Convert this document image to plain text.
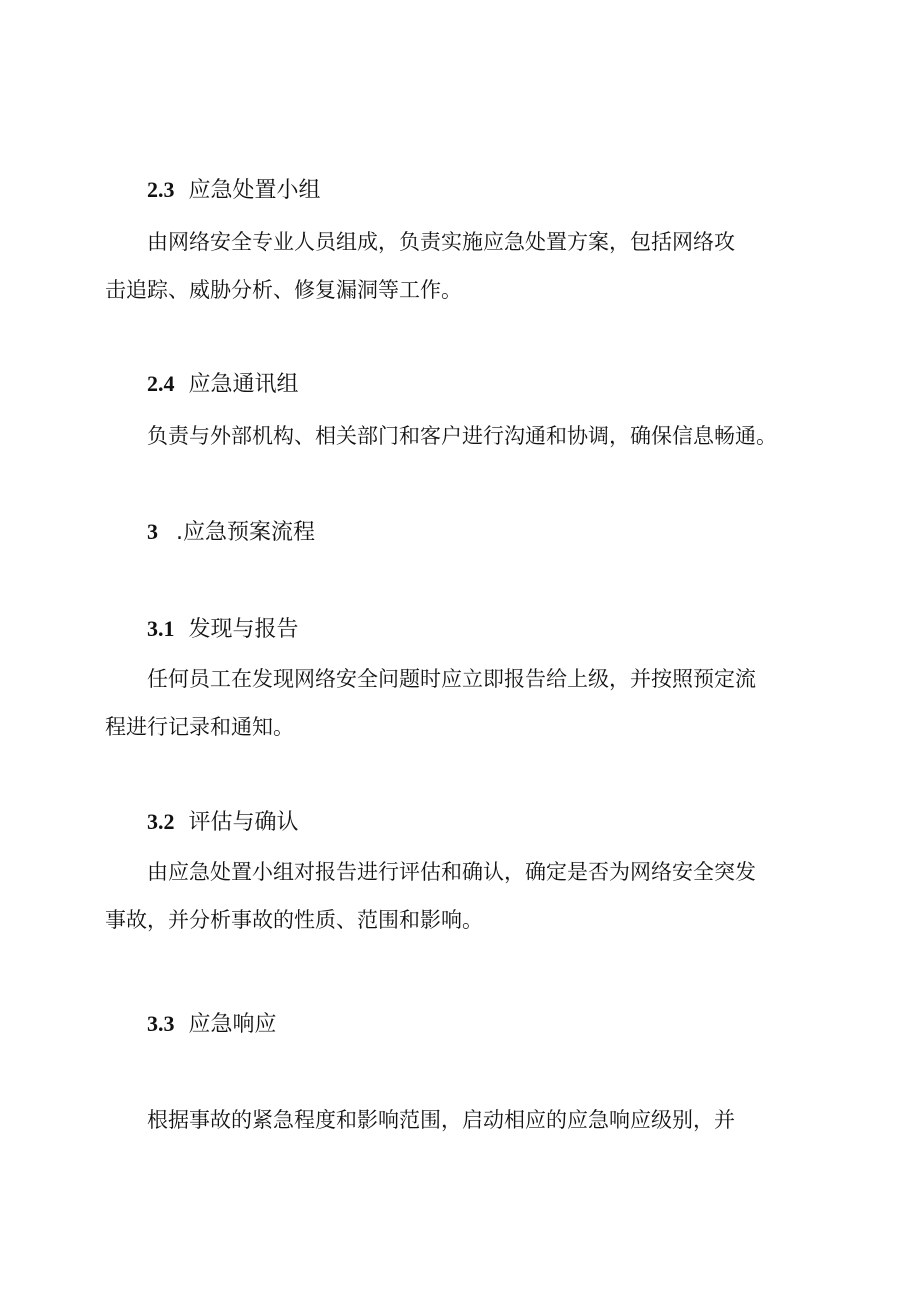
2.3 应急处置小组
由网络安全专业人员组成，负责实施应急处置方案，包括网络攻
击追踪、威胁分析、修复漏洞等工作。
2.4 应急通讯组
负责与外部机构、相关部门和客户进行沟通和协调，确保信息畅通。
3 .应急预案流程
3.1 发现与报告
任何员工在发现网络安全问题时应立即报告给上级，并按照预定流
程进行记录和通知。
3.2 评估与确认
由应急处置小组对报告进行评估和确认，确定是否为网络安全突发
事故，并分析事故的性质、范围和影响。
3.3 应急响应
根据事故的紧急程度和影响范围，启动相应的应急响应级别，并
